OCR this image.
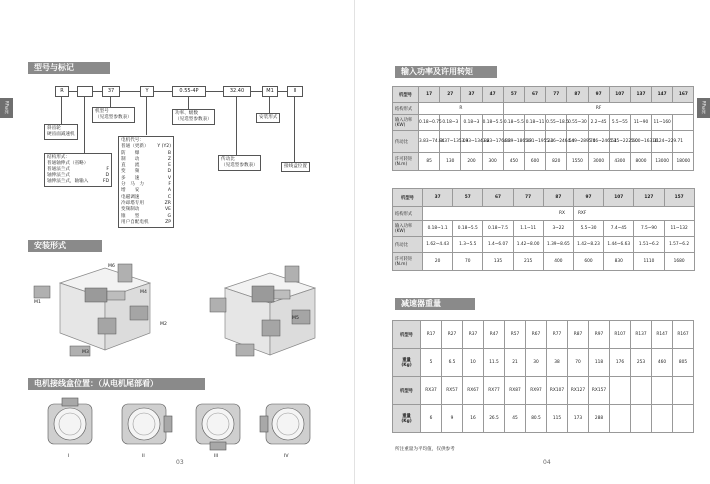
RF系列
型号与标记
R	37	Y	0.55-4P	32.40	M1	II
斜齿轮
硬齿面减速机
机型号
（见选型参数表）
功率、级数
（见选型参数表）	安装形式
传动比
（见选型参数表）	接线盒位置
结构形式：
普通轴伸式（省略）
普通法兰式	F
轴伸法兰式	D
轴伸法兰式，轴输入	FD
电机代号：
普通（更新） Y (Y2)
防　　爆	B
制　　动	Z
直　　流	E
变　　频	D
多　　速	V
分　马　力	F
增　　安	A
电磁调速	C
冷却塔专用	ZR
变频制动	VE
锥　　型	G
用户自配电机	ZP
安装形式
M6
M1
M4
M3
M2
M5
电机接线盒位置：（从电机尾部看）
I	II	III	IV
03
RF系列
输入功率及许用转矩
机型号	17	27	37	47	57	67	77	87	97	107	137	147	167
结构形式	R				RF								
输入功率
(KW)	0.18~0.75	0.18~3	0.18~3	0.18~5.5	0.18~5.5	0.18~11	0.55~18.5	0.55~30	2.2~45	5.5~55	11~90	11~160	
传动比	3.83~74.84	3.37~135.09	3.33~134.82	3.83~176.88	4.39~186.89	5.21~195.24	5.36~246.54	4.49~289.74	5.06~246.54	5.15~222.60	5.00~163.31	10.24~229.71	
许可转矩
(N.m)	85	130	200	300	450	600	820	1550	3000	4300	8000	13000	18000
机型号	37	57	67	77	87	97	107	127	157
结构形式	RX					RXF			
输入功率
(KW)	0.18~1.1	0.18~5.5	0.18~7.5	1.1~11	3~22	5.5~30	7.4~45	7.5~90	11~132
传动比	1.62~4.43	1.3~5.5	1.4~6.07	1.42~8.00	1.39~8.65	1.42~8.23	1.44~6.63	1.51~6.2	1.57~6.2
许可转矩
(N.m)	20	70	135	215	400	600	830	1110	1680
减速器重量
机型号	R17	R27	R37	R47	R57	R67	R77	R87	R97	R107	R137	R147	R167
重量
(Kg)	5	6.5	10	11.5	21	30	38	70	118	176	253	460	805
机型号	RX37	RX57	RX67	RX77	RX87	RX97	RX107	RX127	RX157				
重量
(Kg)	6	9	16	26.5	45	80.5	115	173	288				
所注重量为平均值，仅供参考
04
